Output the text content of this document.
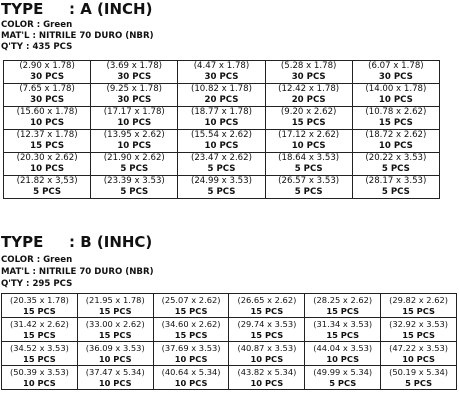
TYPE : A (INCH)
COLOR : Green
MAT'L : NITRILE 70 DURO (NBR)
Q'TY : 435 PCS
(2.90 x 1.78)
30 PCS	(3.69 x 1.78)
30 PCS	(4.47 x 1.78)
30 PCS	(5.28 x 1.78)
30 PCS	(6.07 x 1.78)
30 PCS

(7.65 x 1.78)
30 PCS	(9.25 x 1.78)
30 PCS	(10.82 x 1.78)
20 PCS	(12.42 x 1.78)
20 PCS	(14.00 x 1.78)
10 PCS

(15.60 x 1.78)
10 PCS	(17.17 x 1.78)
10 PCS	(18.77 x 1.78)
10 PCS	(9.20 x 2.62)
15 PCS	(10.78 x 2.62)
15 PCS

(12.37 x 1.78)
15 PCS	(13.95 x 2.62)
10 PCS	(15.54 x 2.62)
10 PCS	(17.12 x 2.62)
10 PCS	(18.72 x 2.62)
10 PCS

(20.30 x 2.62)
10 PCS	(21.90 x 2.62)
5 PCS	(23.47 x 2.62)
5 PCS	(18.64 x 3.53)
5 PCS	(20.22 x 3.53)
5 PCS

(21.82 x 3,53)
5 PCS	(23.39 x 3.53)
5 PCS	(24.99 x 3.53)
5 PCS	(26.57 x 3.53)
5 PCS	(28.17 x 3.53)
5 PCS
TYPE : B (INHC)
COLOR : Green
MAT'L : NITRILE 70 DURO (NBR)
Q'TY : 295 PCS
(20.35 x 1.78)
15 PCS	(21.95 x 1.78)
15 PCS	(25.07 x 2.62)
15 PCS	(26.65 x 2.62)
15 PCS	(28.25 x 2.62)
15 PCS	(29.82 x 2.62)
15 PCS

(31.42 x 2.62)
15 PCS	(33.00 x 2.62)
15 PCS	(34.60 x 2.62)
15 PCS	(29.74 x 3.53)
15 PCS	(31.34 x 3.53)
15 PCS	(32.92 x 3.53)
15 PCS

(34.52 x 3.53)
15 PCS	(36.09 x 3.53)
10 PCS	(37.69 x 3.53)
10 PCS	(40.87 x 3.53)
10 PCS	(44.04 x 3.53)
10 PCS	(47.22 x 3.53)
10 PCS

(50.39 x 3.53)
10 PCS	(37.47 x 5.34)
10 PCS	(40.64 x 5.34)
10 PCS	(43.82 x 5.34)
10 PCS	(49.99 x 5.34)
5 PCS	(50.19 x 5.34)
5 PCS
